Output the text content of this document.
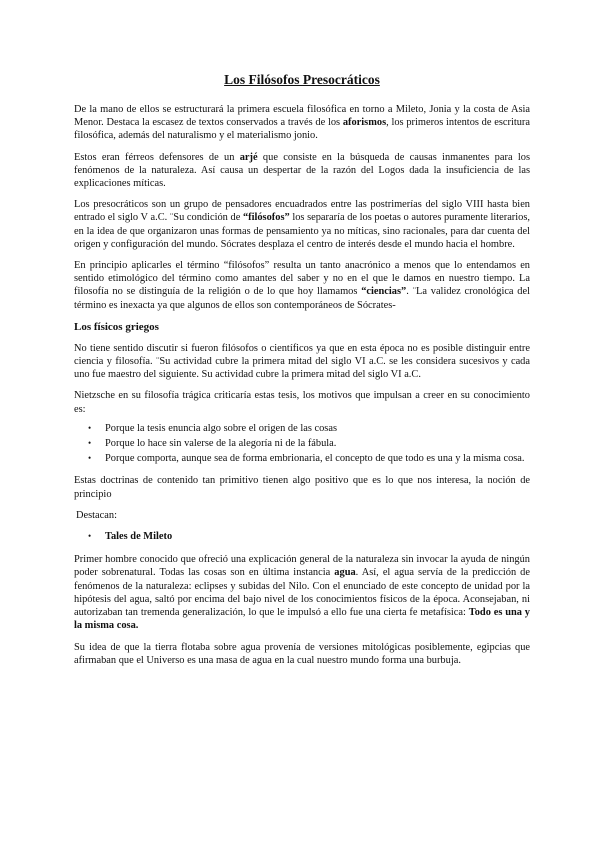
Los Filósofos Presocráticos

De la mano de ellos se estructurará la primera escuela filosófica en torno a Mileto, Jonia y la costa de Asia Menor. Destaca la escasez de textos conservados a través de los aforismos, los primeros intentos de escritura filosófica, además del naturalismo y el materialismo jonio.

Estos eran férreos defensores de un arjé que consiste en la búsqueda de causas inmanentes para los fenómenos de la naturaleza. Así causa un despertar de la razón del Logos dada la insuficiencia de las explicaciones míticas.

Los presocráticos son un grupo de pensadores encuadrados entre las postrimerías del siglo VIII hasta bien entrado el siglo V a.C. ¨Su condición de “filósofos” los separaría de los poetas o autores puramente literarios, en la idea de que organizaron unas formas de pensamiento ya no míticas, sino racionales, para dar cuenta del origen y configuración del mundo. Sócrates desplaza el centro de interés desde el mundo hacia el hombre.

En principio aplicarles el término “filósofos” resulta un tanto anacrónico a menos que lo entendamos en sentido etimológico del término como amantes del saber y no en el que le damos en nuestro tiempo. La filosofía no se distinguía de la religión o de lo que hoy llamamos “ciencias”. ¨La validez cronológica del término es inexacta ya que algunos de ellos son contemporáneos de Sócrates-

Los físicos griegos

No tiene sentido discutir si fueron filósofos o científicos ya que en esta época no es posible distinguir entre ciencia y filosofía. ¨Su actividad cubre la primera mitad del siglo VI a.C. se les considera sucesivos y cada uno fue maestro del siguiente. Su actividad cubre la primera mitad del siglo VI a.C.

Nietzsche en su filosofía trágica criticaría estas tesis, los motivos que impulsan a creer en su conocimiento es:

• Porque la tesis enuncia algo sobre el origen de las cosas
• Porque lo hace sin valerse de la alegoría ni de la fábula.
• Porque comporta, aunque sea de forma embrionaria, el concepto de que todo es una y la misma cosa.

Estas doctrinas de contenido tan primitivo tienen algo positivo que es lo que nos interesa, la noción de principio

Destacan:

• Tales de Mileto

Primer hombre conocido que ofreció una explicación general de la naturaleza sin invocar la ayuda de ningún poder sobrenatural. Todas las cosas son en última instancia agua. Así, el agua servía de la predicción de fenómenos de la naturaleza: eclipses y subidas del Nilo. Con el enunciado de este concepto de unidad por la hipótesis del agua, saltó por encima del bajo nivel de los conocimientos físicos de la época. Aconsejaban, ni autorizaban tan tremenda generalización, lo que le impulsó a ello fue una cierta fe metafísica: Todo es una y la misma cosa.

Su idea de que la tierra flotaba sobre agua provenía de versiones mitológicas posiblemente, egipcias que afirmaban que el Universo es una masa de agua en la cual nuestro mundo forma una burbuja.
